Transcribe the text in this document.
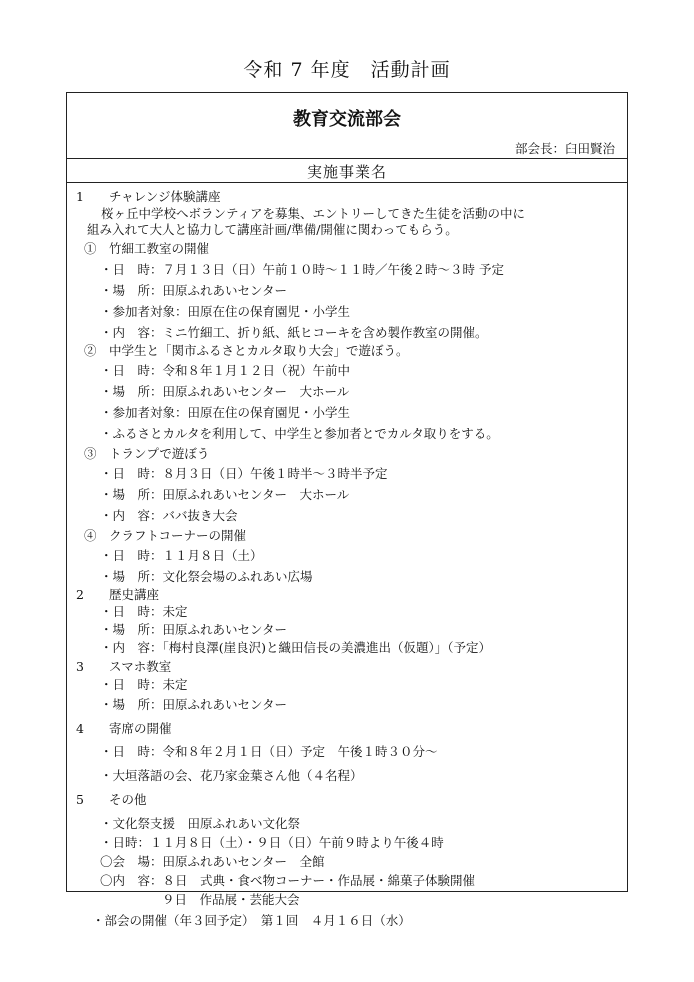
令和 7 年度　活動計画
教育交流部会
部会長：臼田賢治
実施事業名
1　　チャレンジ体験講座
桜ヶ丘中学校へボランティアを募集、エントリーしてきた生徒を活動の中に
組み入れて大人と協力して講座計画/準備/開催に関わってもらう。
①　竹細工教室の開催
・日　時：７月１３日（日）午前１０時～１１時／午後２時～３時 予定
・場　所：田原ふれあいセンター
・参加者対象：田原在住の保育園児・小学生
・内　容：ミニ竹細工、折り紙、紙ヒコーキを含め製作教室の開催。
②　中学生と「関市ふるさとカルタ取り大会」で遊ぼう。
・日　時：令和８年１月１２日（祝）午前中
・場　所：田原ふれあいセンター　大ホール
・参加者対象：田原在住の保育園児・小学生
・ふるさとカルタを利用して、中学生と参加者とでカルタ取りをする。
③　トランプで遊ぼう
・日　時：８月３日（日）午後１時半～３時半予定
・場　所：田原ふれあいセンター　大ホール
・内　容：ババ抜き大会
④　クラフトコーナーの開催
・日　時：１１月８日（土）
・場　所：文化祭会場のふれあい広場
2　　歴史講座
・日　時：未定
・場　所：田原ふれあいセンター
・内　容：「梅村良澤(崖良沢)と織田信長の美濃進出（仮題）」（予定）
3　　スマホ教室
・日　時：未定
・場　所：田原ふれあいセンター
4　　寄席の開催
・日　時：令和８年２月１日（日）予定　午後１時３０分～
・大垣落語の会、花乃家金葉さん他（４名程）
5　　その他
・文化祭支援　田原ふれあい文化祭
・日時：１１月８日（土）・９日（日）午前９時より午後４時
〇会　場：田原ふれあいセンター　全館
〇内　容：８日　式典・食べ物コーナー・作品展・綿菓子体験開催
９日　作品展・芸能大会
・部会の開催（年３回予定）　第１回　４月１６日（水）
